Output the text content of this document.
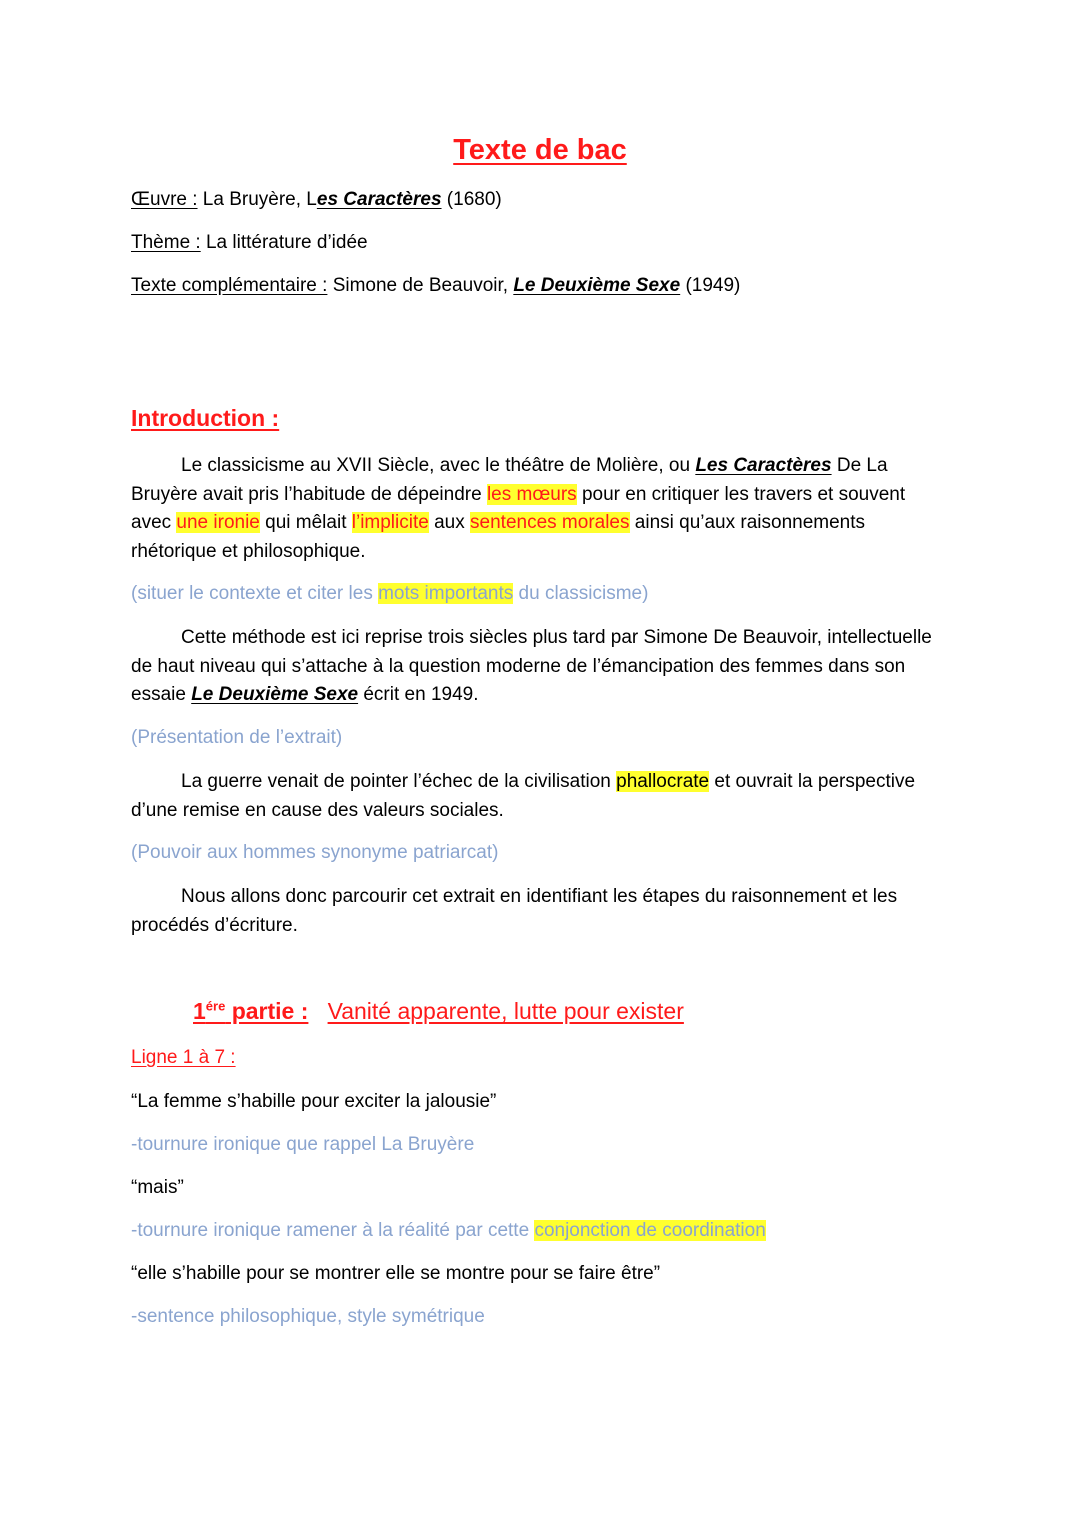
Texte de bac
Œuvre : La Bruyère, Les Caractères (1680)
Thème : La littérature d’idée
Texte complémentaire : Simone de Beauvoir, Le Deuxième Sexe (1949)
Introduction :
Le classicisme au XVII Siècle, avec le théâtre de Molière, ou Les Caractères De La Bruyère avait pris l’habitude de dépeindre les mœurs pour en critiquer les travers et souvent avec une ironie qui mêlait l’implicite aux sentences morales ainsi qu’aux raisonnements rhétorique et philosophique.
(situer le contexte et citer les mots importants du classicisme)
Cette méthode est ici reprise trois siècles plus tard par Simone De Beauvoir, intellectuelle de haut niveau qui s’attache à la question moderne de l’émancipation des femmes dans son essaie Le Deuxième Sexe écrit en 1949.
(Présentation de l’extrait)
La guerre venait de pointer l’échec de la civilisation phallocrate et ouvrait la perspective d’une remise en cause des valeurs sociales.
(Pouvoir aux hommes synonyme patriarcat)
Nous allons donc parcourir cet extrait en identifiant les étapes du raisonnement et les procédés d’écriture.
$1^{ére}$ partie : Vanité apparente, lutte pour exister
Ligne 1 à 7 :
“La femme s’habille pour exciter la jalousie”
-tournure ironique que rappel La Bruyère
“mais”
-tournure ironique ramener à la réalité par cette conjonction de coordination
“elle s’habille pour se montrer elle se montre pour se faire être”
-sentence philosophique, style symétrique
